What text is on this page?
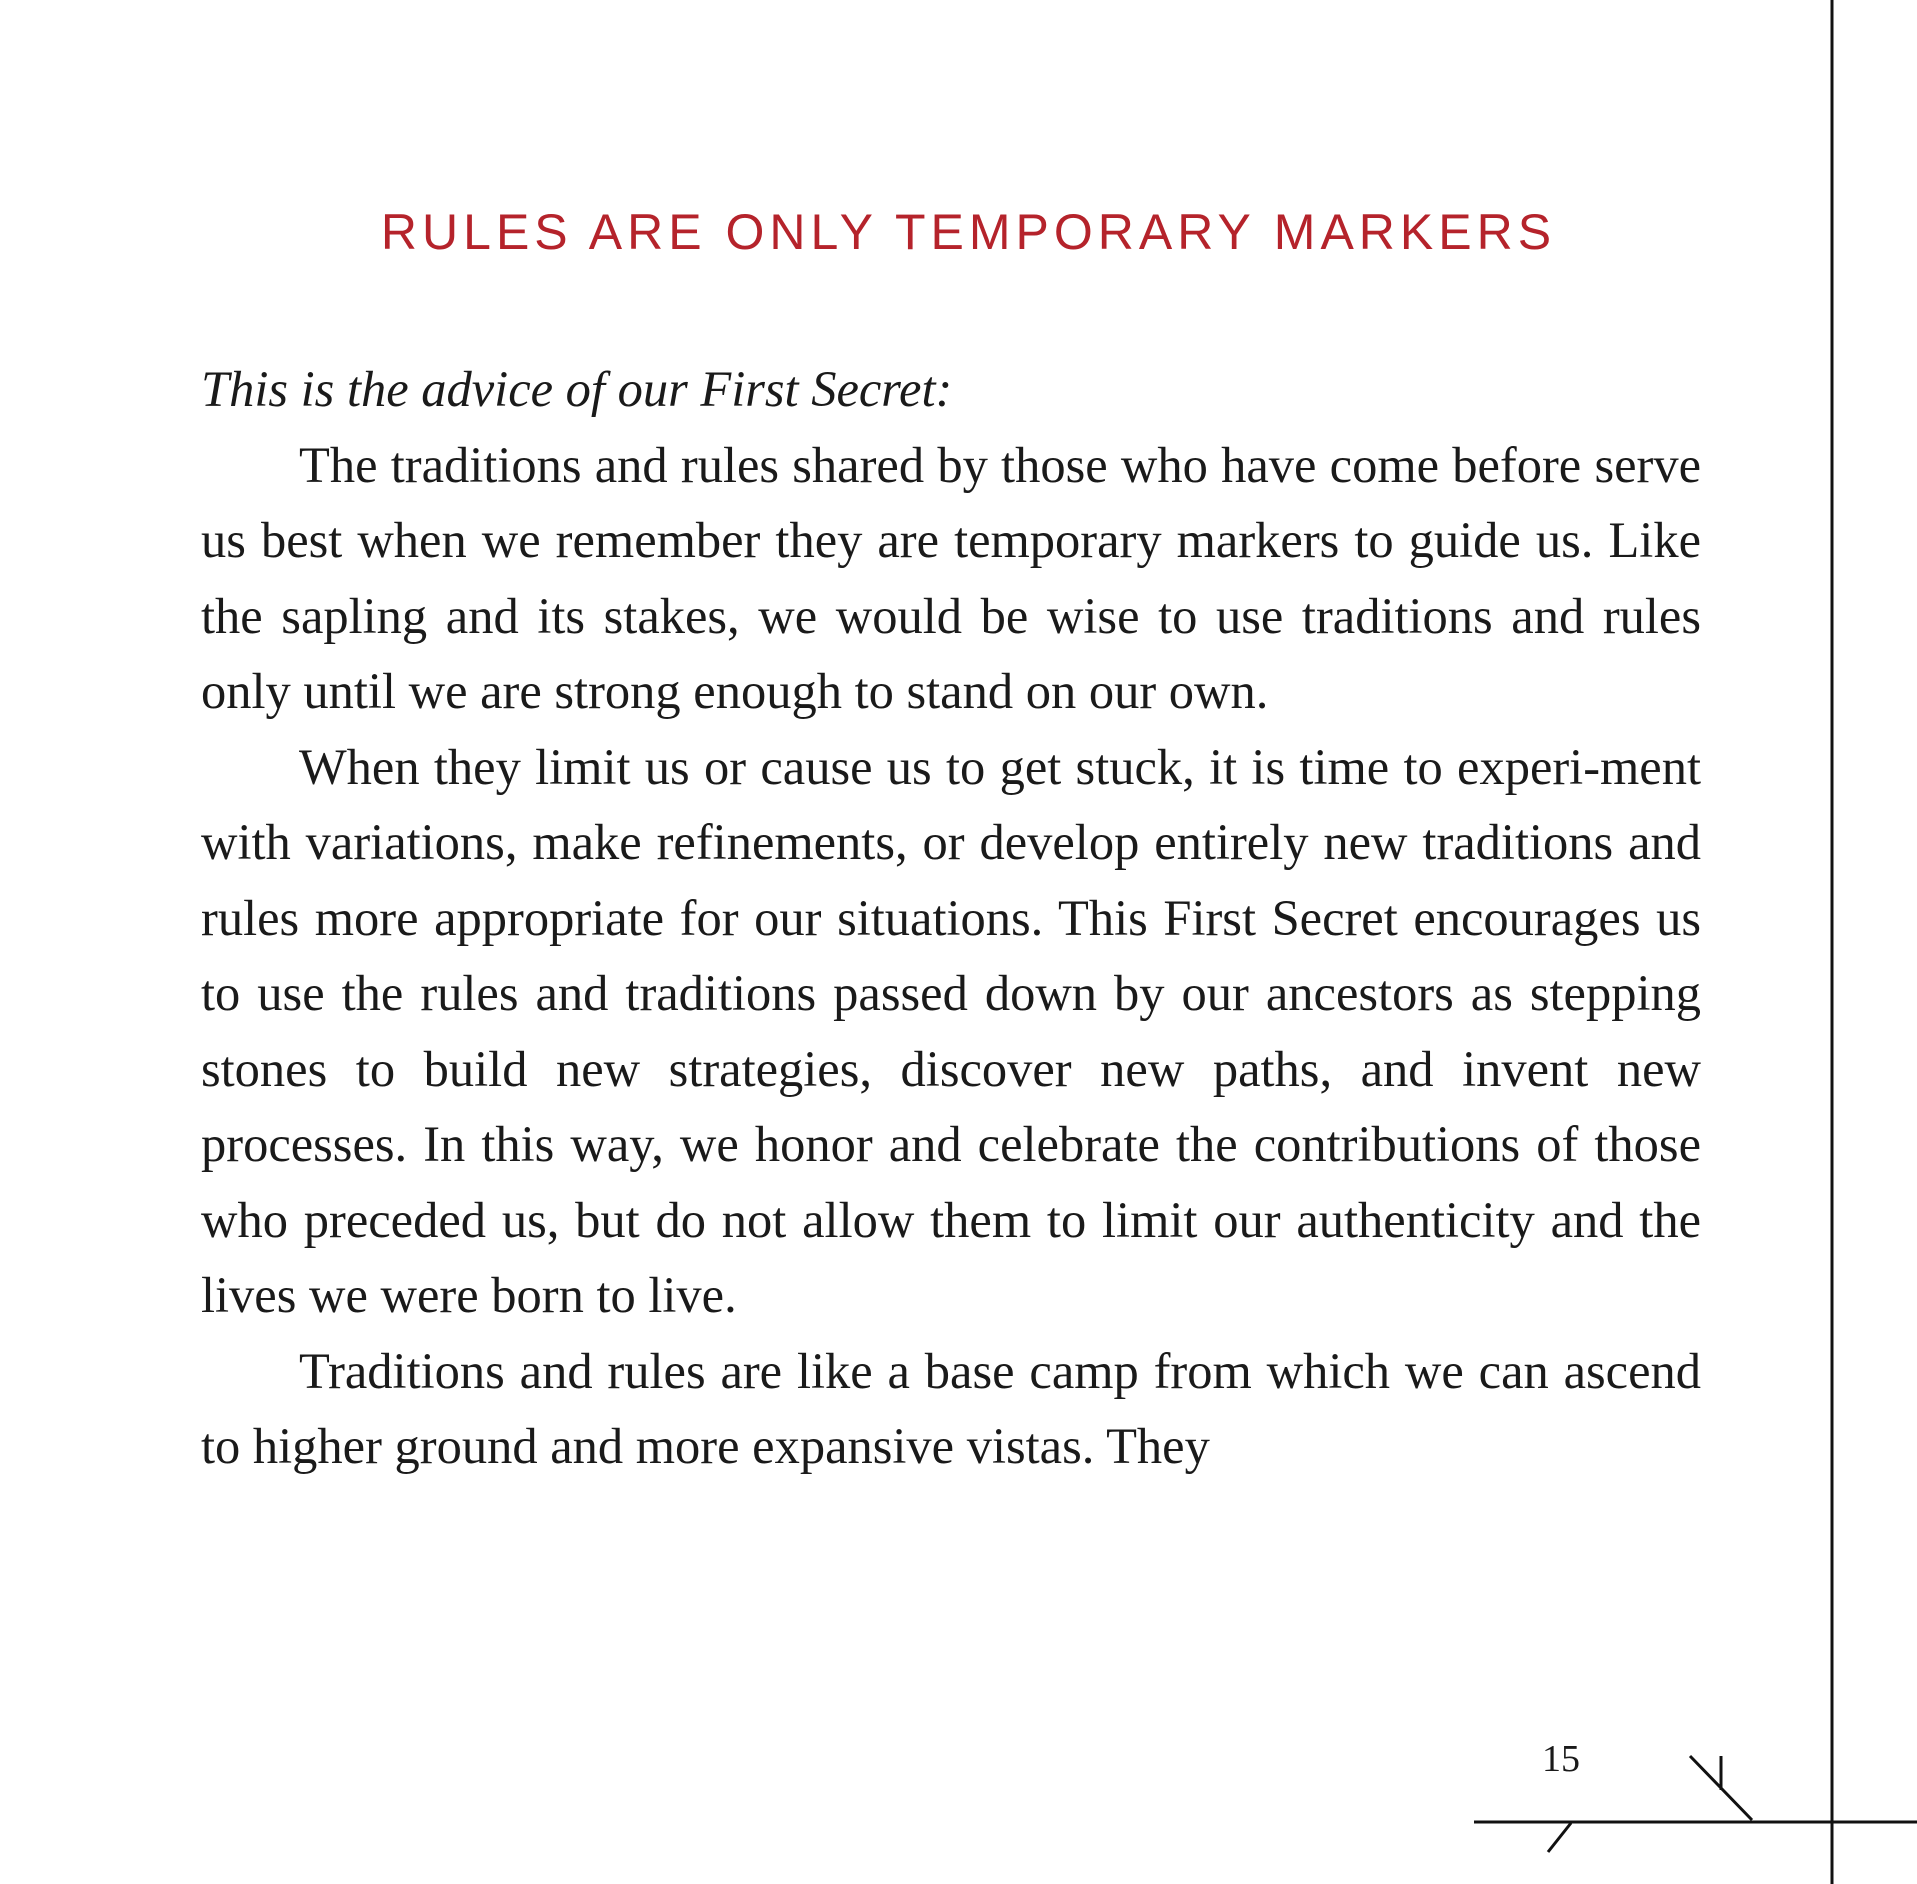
RULES ARE ONLY TEMPORARY MARKERS

This is the advice of our First Secret:

The traditions and rules shared by those who have come before serve us best when we remember they are temporary markers to guide us. Like the sapling and its stakes, we would be wise to use traditions and rules only until we are strong enough to stand on our own.

When they limit us or cause us to get stuck, it is time to experi-ment with variations, make refinements, or develop entirely new traditions and rules more appropriate for our situations. This First Secret encourages us to use the rules and traditions passed down by our ancestors as stepping stones to build new strategies, discover new paths, and invent new processes. In this way, we honor and celebrate the contributions of those who preceded us, but do not allow them to limit our authenticity and the lives we were born to live.

Traditions and rules are like a base camp from which we can ascend to higher ground and more expansive vistas. They

15
